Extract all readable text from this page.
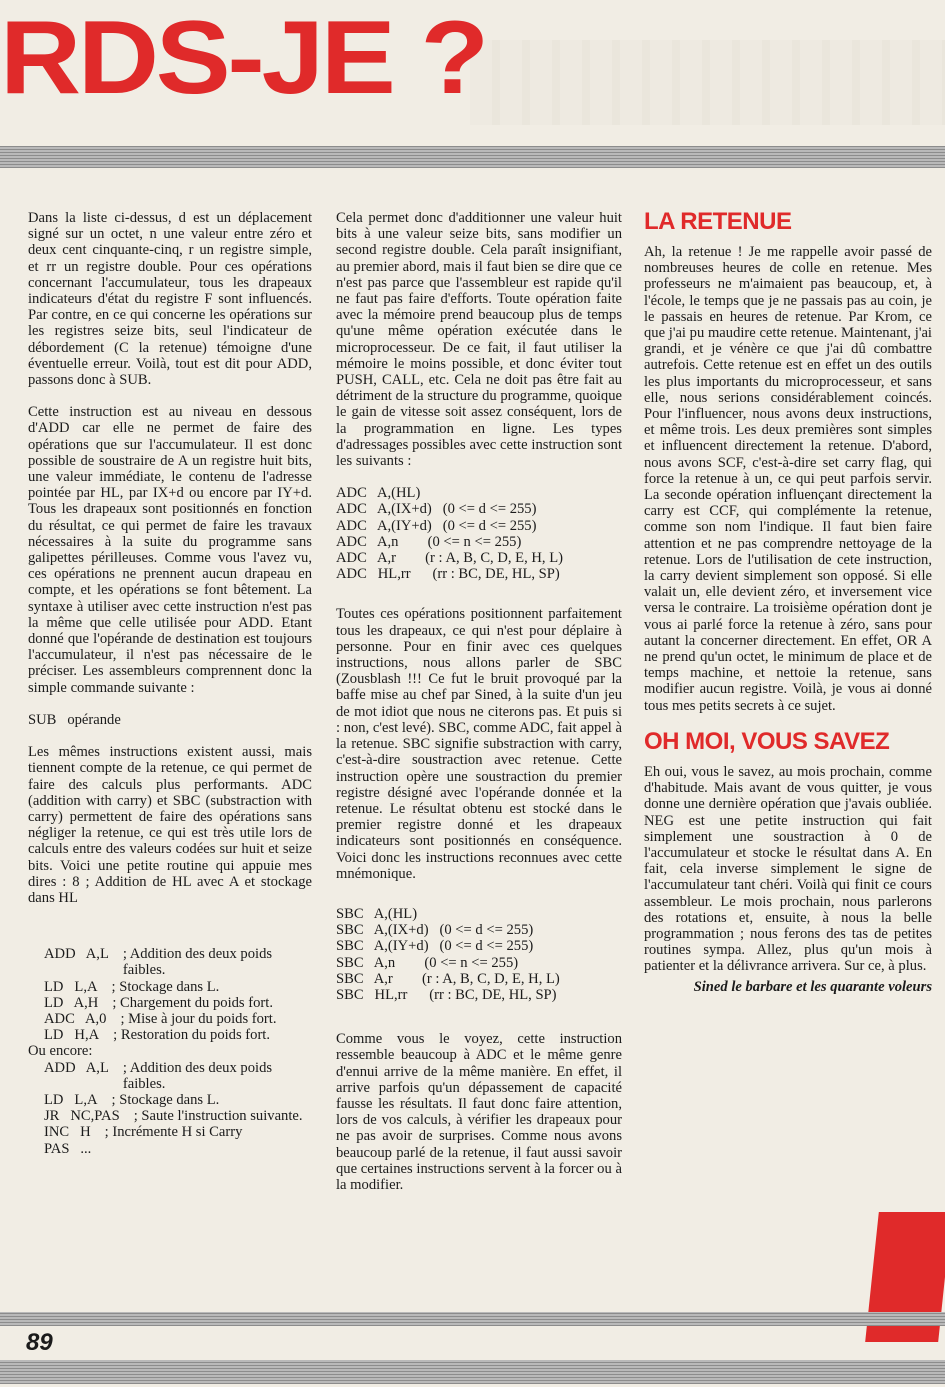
RDS-JE ?

Dans la liste ci-dessus, d est un déplacement signé sur un octet, n une valeur entre zéro et deux cent cinquante-cinq, r un registre simple, et rr un registre double. Pour ces opérations concernant l'accumulateur, tous les drapeaux indicateurs d'état du registre F sont influencés. Par contre, en ce qui concerne les opérations sur les registres seize bits, seul l'indicateur de débordement (C la retenue) témoigne d'une éventuelle erreur. Voilà, tout est dit pour ADD, passons donc à SUB.

Cette instruction est au niveau en dessous d'ADD car elle ne permet de faire des opérations que sur l'accumulateur. Il est donc possible de soustraire de A un registre huit bits, une valeur immédiate, le contenu de l'adresse pointée par HL, par IX+d ou encore par IY+d. Tous les drapeaux sont positionnés en fonction du résultat, ce qui permet de faire les travaux nécessaires à la suite du programme sans galipettes périlleuses. Comme vous l'avez vu, ces opérations ne prennent aucun drapeau en compte, et les opérations se font bêtement. La syntaxe à utiliser avec cette instruction n'est pas la même que celle utilisée pour ADD. Etant donné que l'opérande de destination est toujours l'accumulateur, il n'est pas nécessaire de le préciser. Les assembleurs comprennent donc la simple commande suivante :

SUB   opérande

Les mêmes instructions existent aussi, mais tiennent compte de la retenue, ce qui permet de faire des calculs plus performants. ADC (addition with carry) et SBC (substraction with carry) permettent de faire des opérations sans négliger la retenue, ce qui est très utile lors de calculs entre des valeurs codées sur huit et seize bits. Voici une petite routine qui appuie mes dires : 8 ; Addition de HL avec A et stockage dans HL

ADD   A,L ; Addition des deux poids faibles.
LD   L,A ; Stockage dans L.
LD   A,H ; Chargement du poids fort.
ADC   A,0 ; Mise à jour du poids fort.
LD   H,A ; Restoration du poids fort.
Ou encore:
ADD   A,L ; Addition des deux poids faibles.
LD   L,A ; Stockage dans L.
JR   NC,PAS ; Saute l'instruction suivante.
INC   H ; Incrémente H si Carry
PAS   ...

Cela permet donc d'additionner une valeur huit bits à une valeur seize bits, sans modifier un second registre double. Cela paraît insignifiant, au premier abord, mais il faut bien se dire que ce n'est pas parce que l'assembleur est rapide qu'il ne faut pas faire d'efforts. Toute opération faite avec la mémoire prend beaucoup plus de temps qu'une même opération exécutée dans le microprocesseur. De ce fait, il faut utiliser la mémoire le moins possible, et donc éviter tout PUSH, CALL, etc. Cela ne doit pas être fait au détriment de la structure du programme, quoique le gain de vitesse soit assez conséquent, lors de la programmation en ligne. Les types d'adressages possibles avec cette instruction sont les suivants :

ADC   A,(HL)
ADC   A,(IX+d)   (0 <= d <= 255)
ADC   A,(IY+d)   (0 <= d <= 255)
ADC   A,n        (0 <= n <= 255)
ADC   A,r        (r : A, B, C, D, E, H, L)
ADC   HL,rr      (rr : BC, DE, HL, SP)

Toutes ces opérations positionnent parfaitement tous les drapeaux, ce qui n'est pour déplaire à personne. Pour en finir avec ces quelques instructions, nous allons parler de SBC (Zousblash !!! Ce fut le bruit provoqué par la baffe mise au chef par Sined, à la suite d'un jeu de mot idiot que nous ne citerons pas. Et puis si : non, c'est levé). SBC, comme ADC, fait appel à la retenue. SBC signifie substraction with carry, c'est-à-dire soustraction avec retenue. Cette instruction opère une soustraction du premier registre désigné avec l'opérande donnée et la retenue. Le résultat obtenu est stocké dans le premier registre donné et les drapeaux indicateurs sont positionnés en conséquence. Voici donc les instructions reconnues avec cette mnémonique.

SBC   A,(HL)
SBC   A,(IX+d)   (0 <= d <= 255)
SBC   A,(IY+d)   (0 <= d <= 255)
SBC   A,n        (0 <= n <= 255)
SBC   A,r        (r : A, B, C, D, E, H, L)
SBC   HL,rr      (rr : BC, DE, HL, SP)

Comme vous le voyez, cette instruction ressemble beaucoup à ADC et le même genre d'ennui arrive de la même manière. En effet, il arrive parfois qu'un dépassement de capacité fausse les résultats. Il faut donc faire attention, lors de vos calculs, à vérifier les drapeaux pour ne pas avoir de surprises. Comme nous avons beaucoup parlé de la retenue, il faut aussi savoir que certaines instructions servent à la forcer ou à la modifier.

LA RETENUE

Ah, la retenue ! Je me rappelle avoir passé de nombreuses heures de colle en retenue. Mes professeurs ne m'aimaient pas beaucoup, et, à l'école, le temps que je ne passais pas au coin, je le passais en heures de retenue. Par Krom, ce que j'ai pu maudire cette retenue. Maintenant, j'ai grandi, et je vénère ce que j'ai dû combattre autrefois. Cette retenue est en effet un des outils les plus importants du microprocesseur, et sans elle, nous serions considérablement coincés. Pour l'influencer, nous avons deux instructions, et même trois. Les deux premières sont simples et influencent directement la retenue. D'abord, nous avons SCF, c'est-à-dire set carry flag, qui force la retenue à un, ce qui peut parfois servir. La seconde opération influençant directement la carry est CCF, qui complémente la retenue, comme son nom l'indique. Il faut bien faire attention et ne pas comprendre nettoyage de la retenue. Lors de l'utilisation de cete instruction, la carry devient simplement son opposé. Si elle valait un, elle devient zéro, et inversement vice versa le contraire. La troisième opération dont je vous ai parlé force la retenue à zéro, sans pour autant la concerner directement. En effet, OR A ne prend qu'un octet, le minimum de place et de temps machine, et nettoie la retenue, sans modifier aucun registre. Voilà, je vous ai donné tous mes petits secrets à ce sujet.

OH MOI, VOUS SAVEZ

Eh oui, vous le savez, au mois prochain, comme d'habitude. Mais avant de vous quitter, je vous donne une dernière opération que j'avais oubliée. NEG est une petite instruction qui fait simplement une soustraction à 0 de l'accumulateur et stocke le résultat dans A. En fait, cela inverse simplement le signe de l'accumulateur tant chéri. Voilà qui finit ce cours assembleur. Le mois prochain, nous parlerons des rotations et, ensuite, à nous la belle programmation ; nous ferons des tas de petites routines sympa. Allez, plus qu'un mois à patienter et la délivrance arrivera. Sur ce, à plus.

Sined le barbare et les quarante voleurs

89
